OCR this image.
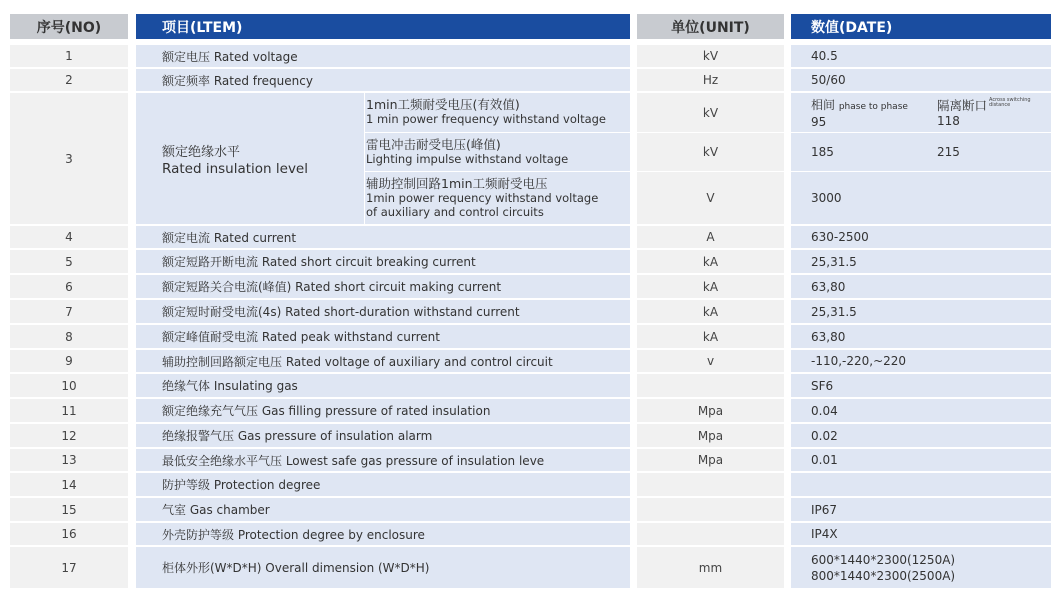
序号(NO)
1
2
3
4
5
6
7
8
9
10
11
12
13
14
15
16
17
项目(LTEM)
额定电压 Rated voltage
额定频率 Rated frequency
额定绝缘水平
Rated insulation level
1min工频耐受电压(有效值)
1 min power frequency withstand voltage
雷电冲击耐受电压(峰值)
Lighting impulse withstand voltage
辅助控制回路1min工频耐受电压
1min power requency withstand voltage
of auxiliary and control circuits
额定电流 Rated current
额定短路开断电流 Rated short circuit breaking current
额定短路关合电流(峰值) Rated short circuit making current
额定短时耐受电流(4s) Rated short-duration withstand current
额定峰值耐受电流 Rated peak withstand current
辅助控制回路额定电压 Rated voltage of auxiliary and control circuit
绝缘气体 Insulating gas
额定绝缘充气气压 Gas filling pressure of rated insulation
绝缘报警气压 Gas pressure of insulation alarm
最低安全绝缘水平气压 Lowest safe gas pressure of insulation leve
防护等级 Protection degree
气室 Gas chamber
外壳防护等级 Protection degree by enclosure
柜体外形(W*D*H) Overall dimension (W*D*H)
单位(UNIT)
kV
Hz
kV
kV
V
A
kA
kA
kA
kA
v
Mpa
Mpa
Mpa
mm
数值(DATE)
40.5
50/60
相间 phase to phase
95
隔离断口 Across switching distance
118
185	215
3000
630-2500
25,31.5
63,80
25,31.5
63,80
-110,-220,~220
SF6
0.04
0.02
0.01
IP67
IP4X
600*1440*2300(1250A)
800*1440*2300(2500A)
